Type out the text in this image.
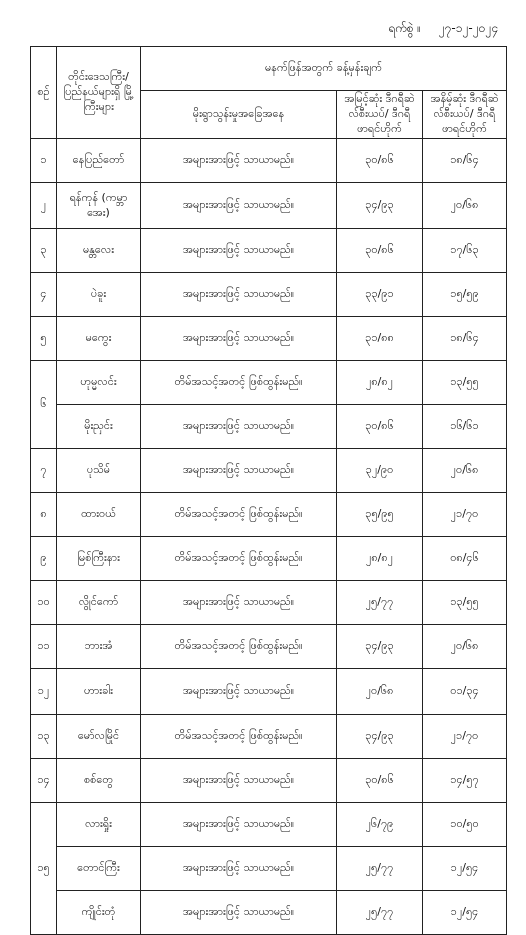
ရက်စွဲ ။ ၂၇-၁၂-၂၀၂၄
စဉ်	တိုင်းဒေသကြီး/ ပြည်နယ်များရှိ မြို့ကြီးများ	မနက်ဖြန်အတွက် ခန့်မှန်းချက်		
		မိုးရွာသွန်းမှုအခြေအနေ	အမြင့်ဆုံး ဒီဂရီဆဲလ်စီးယပ်/ ဒီဂရီဖာရင်ဟိုက်	အနိမ့်ဆုံး ဒီဂရီဆဲလ်စီးယပ်/ ဒီဂရီဖာရင်ဟိုက်
၁	နေပြည်တော်	အများအားဖြင့် သာယာမည်။	၃၀/၈၆	၁၈/၆၄
၂	ရန်ကုန် (ကမ္ဘာအေး)	အများအားဖြင့် သာယာမည်။	၃၄/၉၃	၂၀/၆၈
၃	မန္တလေး	အများအားဖြင့် သာယာမည်။	၃၀/၈၆	၁၇/၆၃
၄	ပဲခူး	အများအားဖြင့် သာယာမည်။	၃၃/၉၁	၁၅/၅၉
၅	မကွေး	အများအားဖြင့် သာယာမည်။	၃၁/၈၈	၁၈/၆၄
၆	ဟုမ္မလင်း	တိမ်အသင့်အတင့် ဖြစ်ထွန်းမည်။	၂၈/၈၂	၁၃/၅၅
	မိုးညှင်း	အများအားဖြင့် သာယာမည်။	၃၀/၈၆	၁၆/၆၁
၇	ပုသိမ်	အများအားဖြင့် သာယာမည်။	၃၂/၉၀	၂၀/၆၈
၈	ထားဝယ်	တိမ်အသင့်အတင့် ဖြစ်ထွန်းမည်။	၃၅/၉၅	၂၁/၇၀
၉	မြစ်ကြီးနား	တိမ်အသင့်အတင့် ဖြစ်ထွန်းမည်။	၂၈/၈၂	၀၈/၄၆
၁၀	လွိုင်ကော်	အများအားဖြင့် သာယာမည်။	၂၅/၇၇	၁၃/၅၅
၁၁	ဘားအံ	တိမ်အသင့်အတင့် ဖြစ်ထွန်းမည်။	၃၄/၉၃	၂၀/၆၈
၁၂	ဟားခါး	အများအားဖြင့် သာယာမည်။	၂၀/၆၈	၀၁/၃၄
၁၃	မော်လမြိုင်	တိမ်အသင့်အတင့် ဖြစ်ထွန်းမည်။	၃၄/၉၃	၂၁/၇၀
၁၄	စစ်တွေ	အများအားဖြင့် သာယာမည်။	၃၀/၈၆	၁၄/၅၇
၁၅	လားရှိုး	အများအားဖြင့် သာယာမည်။	၂၆/၇၉	၁၀/၅၀
	တောင်ကြီး	အများအားဖြင့် သာယာမည်။	၂၅/၇၇	၁၂/၅၄
	ကျိုင်းတုံ	အများအားဖြင့် သာယာမည်။	၂၅/၇၇	၁၂/၅၄
